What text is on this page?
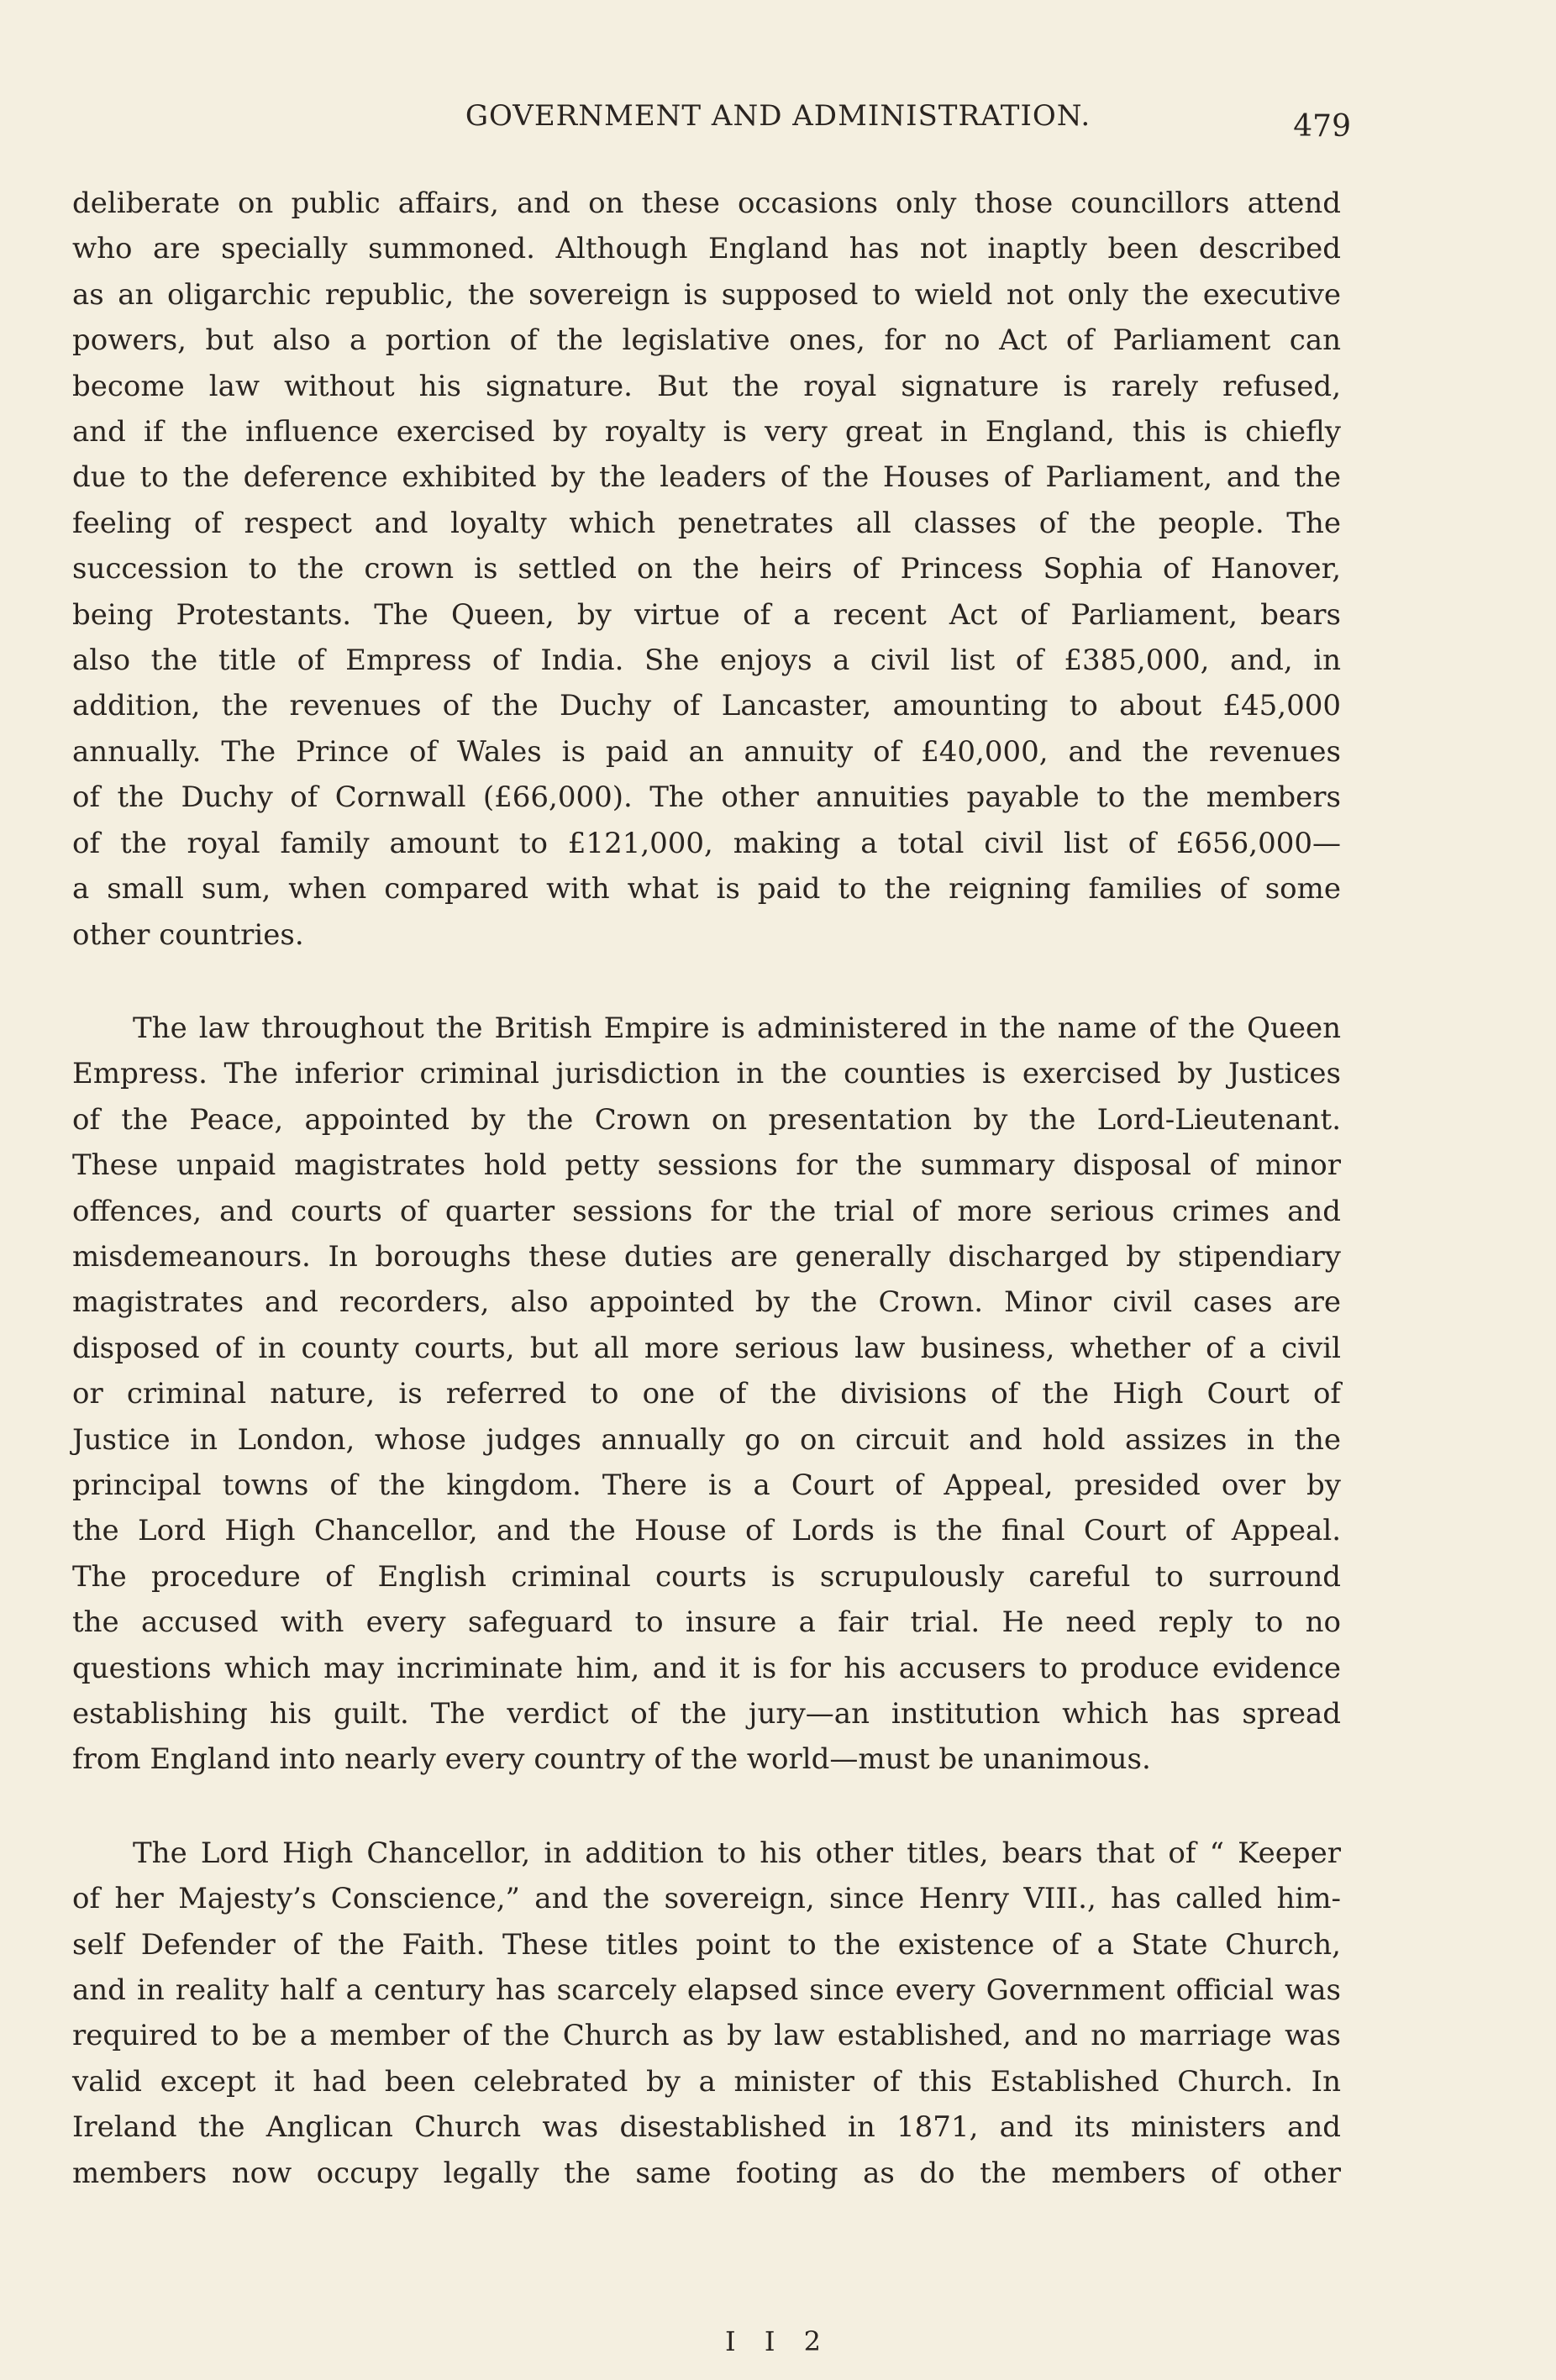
GOVERNMENT AND ADMINISTRATION.	479

deliberate on public affairs, and on these occasions only those councillors attend
who are specially summoned. Although England has not inaptly been described
as an oligarchic republic, the sovereign is supposed to wield not only the executive
powers, but also a portion of the legislative ones, for no Act of Parliament can
become law without his signature. But the royal signature is rarely refused,
and if the influence exercised by royalty is very great in England, this is chiefly
due to the deference exhibited by the leaders of the Houses of Parliament, and the
feeling of respect and loyalty which penetrates all classes of the people. The
succession to the crown is settled on the heirs of Princess Sophia of Hanover,
being Protestants. The Queen, by virtue of a recent Act of Parliament, bears
also the title of Empress of India. She enjoys a civil list of £385,000, and, in
addition, the revenues of the Duchy of Lancaster, amounting to about £45,000
annually. The Prince of Wales is paid an annuity of £40,000, and the revenues
of the Duchy of Cornwall (£66,000). The other annuities payable to the members
of the royal family amount to £121,000, making a total civil list of £656,000—
a small sum, when compared with what is paid to the reigning families of some
other countries.

The law throughout the British Empire is administered in the name of the Queen
Empress. The inferior criminal jurisdiction in the counties is exercised by Justices
of the Peace, appointed by the Crown on presentation by the Lord-Lieutenant.
These unpaid magistrates hold petty sessions for the summary disposal of minor
offences, and courts of quarter sessions for the trial of more serious crimes and
misdemeanours. In boroughs these duties are generally discharged by stipendiary
magistrates and recorders, also appointed by the Crown. Minor civil cases are
disposed of in county courts, but all more serious law business, whether of a civil
or criminal nature, is referred to one of the divisions of the High Court of
Justice in London, whose judges annually go on circuit and hold assizes in the
principal towns of the kingdom. There is a Court of Appeal, presided over by
the Lord High Chancellor, and the House of Lords is the final Court of Appeal.
The procedure of English criminal courts is scrupulously careful to surround
the accused with every safeguard to insure a fair trial. He need reply to no
questions which may incriminate him, and it is for his accusers to produce evidence
establishing his guilt. The verdict of the jury—an institution which has spread
from England into nearly every country of the world—must be unanimous.

The Lord High Chancellor, in addition to his other titles, bears that of “ Keeper
of her Majesty’s Conscience,” and the sovereign, since Henry VIII., has called him-
self Defender of the Faith. These titles point to the existence of a State Church,
and in reality half a century has scarcely elapsed since every Government official was
required to be a member of the Church as by law established, and no marriage was
valid except it had been celebrated by a minister of this Established Church. In
Ireland the Anglican Church was disestablished in 1871, and its ministers and
members now occupy legally the same footing as do the members of other

I I 2
